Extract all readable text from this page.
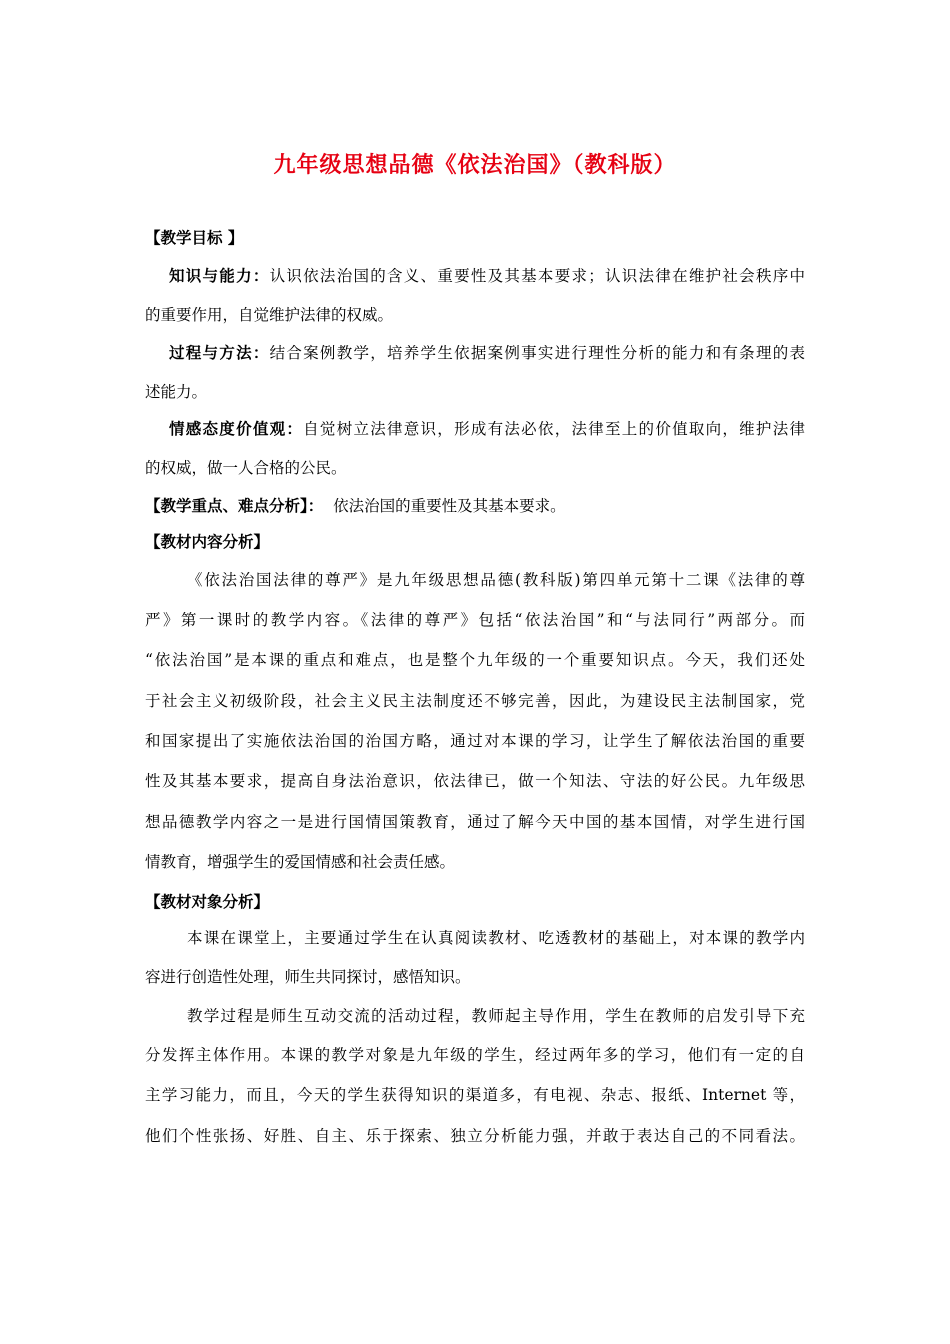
九年级思想品德《依法治国》（教科版）
【教学目标 】
知识与能力：认识依法治国的含义、重要性及其基本要求；认识法律在维护社会秩序中
的重要作用，自觉维护法律的权威。
过程与方法：结合案例教学，培养学生依据案例事实进行理性分析的能力和有条理的表
述能力。
情感态度价值观：自觉树立法律意识，形成有法必依，法律至上的价值取向，维护法律
的权威，做一人合格的公民。
【教学重点、难点分析】： 依法治国的重要性及其基本要求。
【教材内容分析】
《依法治国法律的尊严》是九年级思想品德(教科版)第四单元第十二课《法律的尊
严》第一课时的教学内容。《法律的尊严》包括“依法治国”和“与法同行”两部分。而
“依法治国”是本课的重点和难点，也是整个九年级的一个重要知识点。今天，我们还处
于社会主义初级阶段，社会主义民主法制度还不够完善，因此，为建设民主法制国家，党
和国家提出了实施依法治国的治国方略，通过对本课的学习，让学生了解依法治国的重要
性及其基本要求，提高自身法治意识，依法律已，做一个知法、守法的好公民。九年级思
想品德教学内容之一是进行国情国策教育，通过了解今天中国的基本国情，对学生进行国
情教育，增强学生的爱国情感和社会责任感。
【教材对象分析】
本课在课堂上，主要通过学生在认真阅读教材、吃透教材的基础上，对本课的教学内
容进行创造性处理，师生共同探讨，感悟知识。
教学过程是师生互动交流的活动过程，教师起主导作用，学生在教师的启发引导下充
分发挥主体作用。本课的教学对象是九年级的学生，经过两年多的学习，他们有一定的自
主学习能力，而且，今天的学生获得知识的渠道多，有电视、杂志、报纸、Internet 等，
他们个性张扬、好胜、自主、乐于探索、独立分析能力强，并敢于表达自己的不同看法。
